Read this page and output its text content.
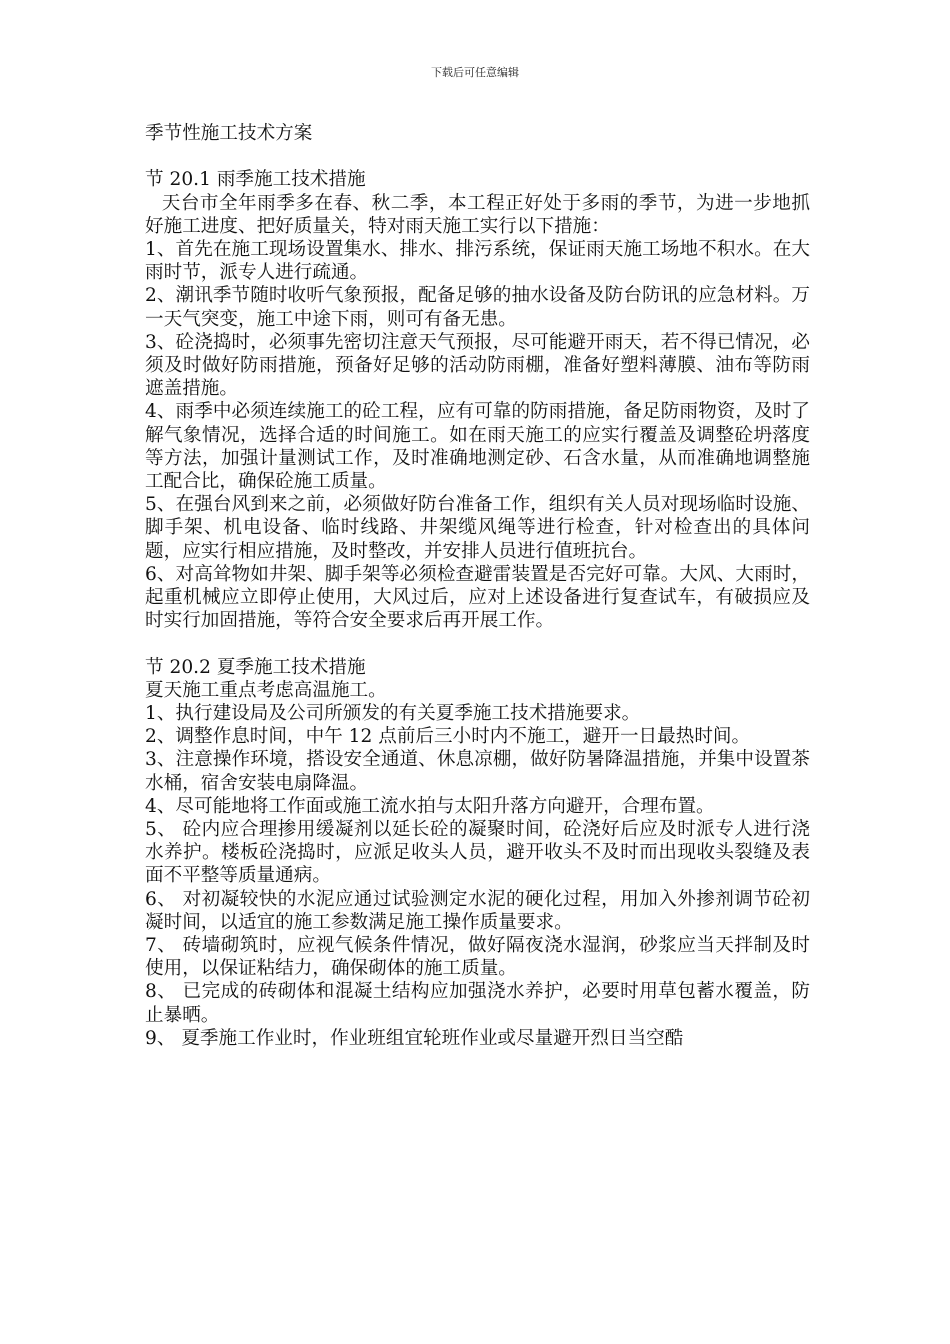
下载后可任意编辑
季节性施工技术方案
节 20.1 雨季施工技术措施

天台市全年雨季多在春、秋二季，本工程正好处于多雨的季节，为进一步地抓好施工进度、把好质量关，特对雨天施工实行以下措施：

1、首先在施工现场设置集水、排水、排污系统，保证雨天施工场地不积水。在大雨时节，派专人进行疏通。

2、潮讯季节随时收听气象预报，配备足够的抽水设备及防台防讯的应急材料。万一天气突变，施工中途下雨，则可有备无患。

3、砼浇捣时，必须事先密切注意天气预报，尽可能避开雨天，若不得已情况，必须及时做好防雨措施，预备好足够的活动防雨棚，准备好塑料薄膜、油布等防雨遮盖措施。

4、雨季中必须连续施工的砼工程，应有可靠的防雨措施，备足防雨物资，及时了解气象情况，选择合适的时间施工。如在雨天施工的应实行覆盖及调整砼坍落度等方法，加强计量测试工作，及时准确地测定砂、石含水量，从而准确地调整施工配合比，确保砼施工质量。

5、在强台风到来之前，必须做好防台准备工作，组织有关人员对现场临时设施、脚手架、机电设备、临时线路、井架缆风绳等进行检查，针对检查出的具体问题，应实行相应措施，及时整改，并安排人员进行值班抗台。

6、对高耸物如井架、脚手架等必须检查避雷装置是否完好可靠。大风、大雨时，起重机械应立即停止使用，大风过后，应对上述设备进行复查试车，有破损应及时实行加固措施，等符合安全要求后再开展工作。

节 20.2 夏季施工技术措施

夏天施工重点考虑高温施工。

1、执行建设局及公司所颁发的有关夏季施工技术措施要求。

2、调整作息时间，中午 12 点前后三小时内不施工，避开一日最热时间。

3、注意操作环境，搭设安全通道、休息凉棚，做好防暑降温措施，并集中设置茶水桶，宿舍安装电扇降温。

4、尽可能地将工作面或施工流水拍与太阳升落方向避开，合理布置。

5、 砼内应合理掺用缓凝剂以延长砼的凝聚时间，砼浇好后应及时派专人进行浇水养护。楼板砼浇捣时，应派足收头人员，避开收头不及时而出现收头裂缝及表面不平整等质量通病。

6、 对初凝较快的水泥应通过试验测定水泥的硬化过程，用加入外掺剂调节砼初凝时间，以适宜的施工参数满足施工操作质量要求。

7、 砖墙砌筑时，应视气候条件情况，做好隔夜浇水湿润，砂浆应当天拌制及时使用，以保证粘结力，确保砌体的施工质量。

8、 已完成的砖砌体和混凝土结构应加强浇水养护，必要时用草包蓄水覆盖，防止暴晒。

9、 夏季施工作业时，作业班组宜轮班作业或尽量避开烈日当空酷
